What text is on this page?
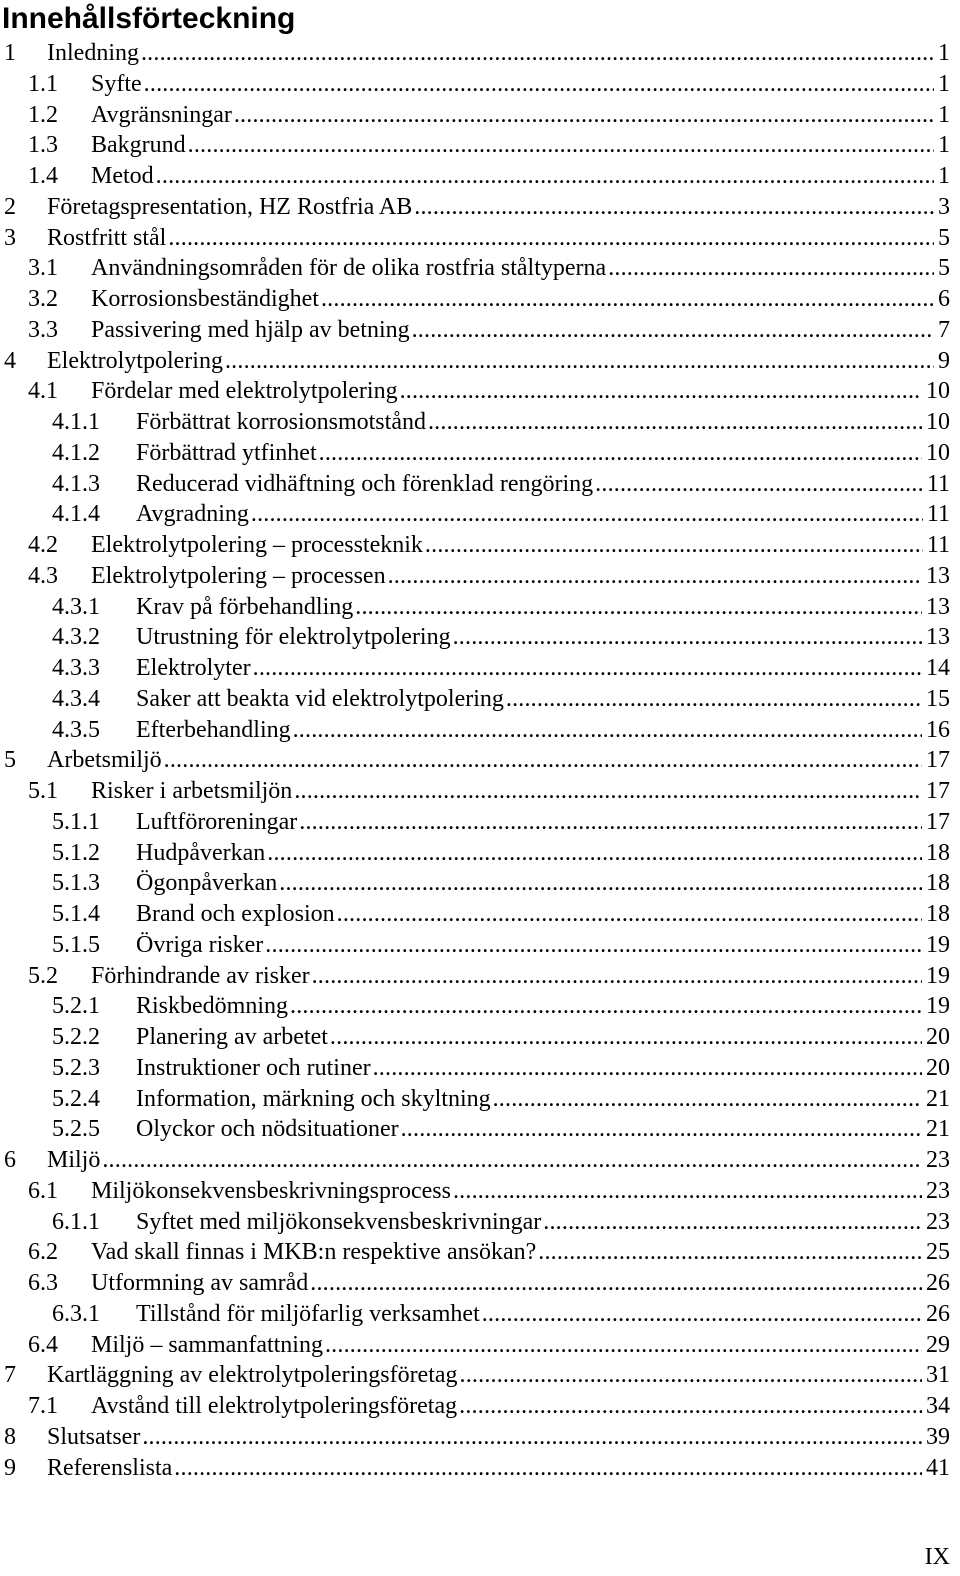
Innehållsförteckning
1 Inledning .....	1
1.1 Syfte .....	1
1.2 Avgränsningar .....	1
1.3 Bakgrund .....	1
1.4 Metod .....	1
2 Företagspresentation, HZ Rostfria AB .....	3
3 Rostfritt stål .....	5
3.1 Användningsområden för de olika rostfria ståltyperna .....	5
3.2 Korrosionsbeständighet .....	6
3.3 Passivering med hjälp av betning .....	7
4 Elektrolytpolering .....	9
4.1 Fördelar med elektrolytpolering .....	10
4.1.1 Förbättrat korrosionsmotstånd .....	10
4.1.2 Förbättrad ytfinhet .....	10
4.1.3 Reducerad vidhäftning och förenklad rengöring .....	11
4.1.4 Avgradning .....	11
4.2 Elektrolytpolering – processteknik .....	11
4.3 Elektrolytpolering – processen .....	13
4.3.1 Krav på förbehandling .....	13
4.3.2 Utrustning för elektrolytpolering .....	13
4.3.3 Elektrolyter .....	14
4.3.4 Saker att beakta vid elektrolytpolering .....	15
4.3.5 Efterbehandling .....	16
5 Arbetsmiljö .....	17
5.1 Risker i arbetsmiljön .....	17
5.1.1 Luftföroreningar .....	17
5.1.2 Hudpåverkan .....	18
5.1.3 Ögonpåverkan .....	18
5.1.4 Brand och explosion .....	18
5.1.5 Övriga risker .....	19
5.2 Förhindrande av risker .....	19
5.2.1 Riskbedömning .....	19
5.2.2 Planering av arbetet .....	20
5.2.3 Instruktioner och rutiner .....	20
5.2.4 Information, märkning och skyltning .....	21
5.2.5 Olyckor och nödsituationer .....	21
6 Miljö .....	23
6.1 Miljökonsekvensbeskrivningsprocess .....	23
6.1.1 Syftet med miljökonsekvensbeskrivningar .....	23
6.2 Vad skall finnas i MKB:n respektive ansökan? .....	25
6.3 Utformning av samråd .....	26
6.3.1 Tillstånd för miljöfarlig verksamhet .....	26
6.4 Miljö – sammanfattning .....	29
7 Kartläggning av elektrolytpoleringsföretag .....	31
7.1 Avstånd till elektrolytpoleringsföretag .....	34
8 Slutsatser .....	39
9 Referenslista .....	41
IX
